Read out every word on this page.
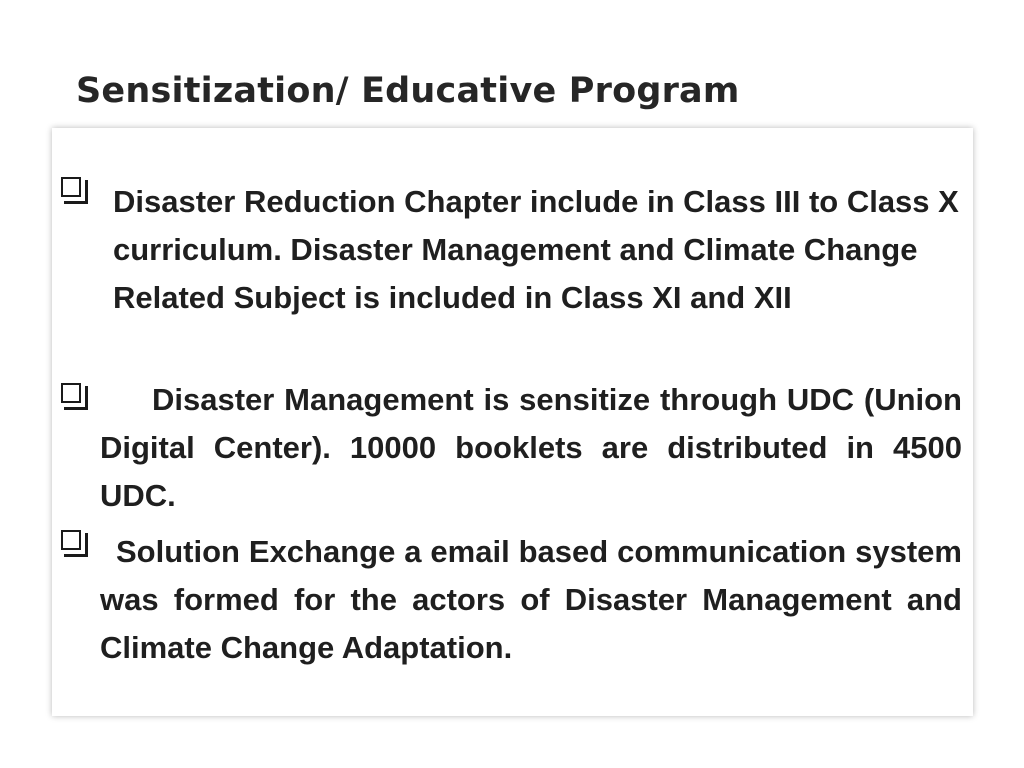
Sensitization/ Educative Program

Disaster Reduction Chapter include in Class III to Class X curriculum. Disaster Management and Climate Change Related Subject is included in Class XI and XII

Disaster Management is sensitize through UDC (Union Digital Center). 10000 booklets are distributed in 4500 UDC.

Solution Exchange a email based communication system was formed for the actors of Disaster Management and Climate Change Adaptation.
